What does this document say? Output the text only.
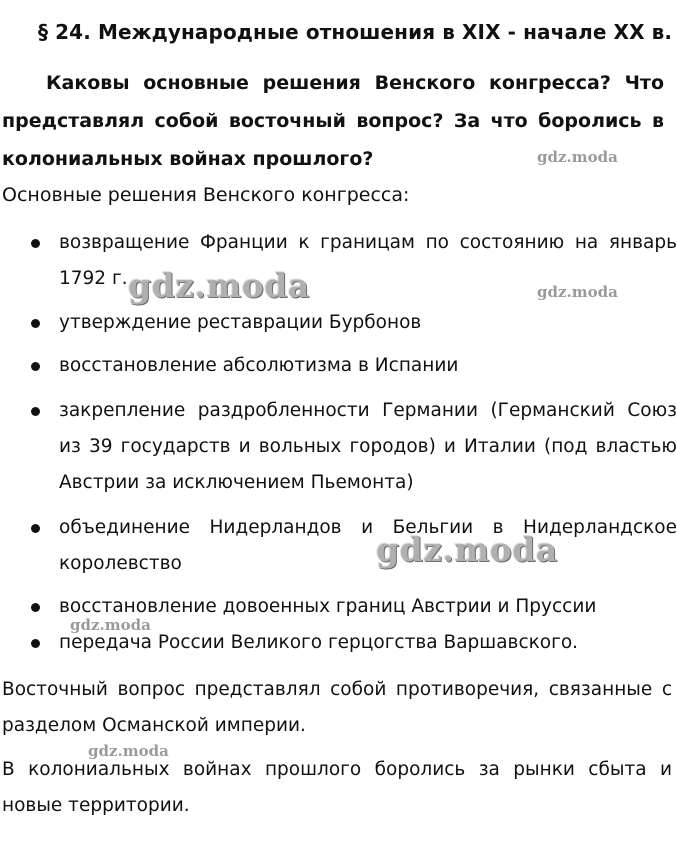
§ 24. Международные отношения в XIX - начале XX в.
Каковы основные решения Венского конгресса? Что представлял собой восточный вопрос? За что боролись в колониальных войнах прошлого?
Основные решения Венского конгресса:
возвращение Франции к границам по состоянию на январь 1792 г.
утверждение реставрации Бурбонов
восстановление абсолютизма в Испании
закрепление раздробленности Германии (Германский Союз из 39 государств и вольных городов) и Италии (под властью Австрии за исключением Пьемонта)
объединение Нидерландов и Бельгии в Нидерландское королевство
восстановление довоенных границ Австрии и Пруссии
передача России Великого герцогства Варшавского.
Восточный вопрос представлял собой противоречия, связанные с разделом Османской империи.
В колониальных войнах прошлого боролись за рынки сбыта и новые территории.
gdz.moda
gdz.moda	gdz.moda
gdz.moda
gdz.moda
gdz.moda
